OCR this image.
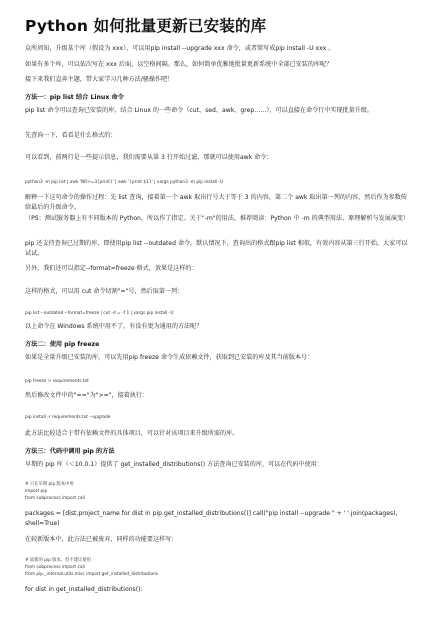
Python 如何批量更新已安装的库

众所周知，升级某个库（假设为 xxx），可以用pip install --upgrade xxx 命令，或者简写成pip install -U xxx 。

如果有多个库，可以依次写在 xxx 后面，以空格间隔。那么，如何简单优雅地批量更新系统中全部已安装的库呢？

接下来我们直奔主题，带大家学习几种方法/骚操作吧！

方法一：pip list 结合 Linux 命令

pip list 命令可以查询已安装的库，结合 Linux 的一些命令（cut、sed、awk、grep……），可以直接在命令行中实现批量升级。

先查询一下，看看是什么格式的：

可以看到，前两行是一些提示信息，我们需要从第 3 行开始过滤，那就可以使用awk 命令：

python3 -m pip list | awk 'NR>=3{print}' | awk '{print $1}' | xargs python3 -m pip install -U

解释一下这句命令的操作过程：先 list 查询，接着第一个 awk 取出行号大于等于 3 的内容，第二个 awk 取出第一列的内容，然后作为参数传给最后的升级命令。

（PS：测试服务器上有不同版本的 Python，所以作了指定。关于"-m"的用法，推荐阅读：Python 中 -m 的典型用法、原理解析与发展演变）

pip 还支持查询已过期的库，即使用pip list --outdated 命令。默认情况下，查询出的格式跟pip list 相似，有效内容从第三行开始，大家可以试试。

另外，我们还可以指定--format=freeze 格式，效果是这样的：

这样的格式，可以用 cut 命令切割"="号，然后取第一列：

pip list --outdated --format=freeze | cut -d = -f 1 | xargs pip install -U

以上命令在 Windows 系统中用不了。有没有更为通用的方法呢？

方法二：使用 pip freeze

如果是全量升级已安装的库，可以先用pip freeze 命令生成依赖文件，获取到已安装的库及其当前版本号：

pip freeze > requirements.txt

然后修改文件中的"=="为">="，接着执行：

pip install -r requirements.txt --upgrade

此方法比较适合于带有依赖文件的具体项目，可以针对该项目来升级所需的库。

方法三：代码中调用 pip 的方法

早期的 pip 库（＜10.0.1）提供了 get_installed_distributions() 方法查询已安装的库，可以在代码中使用：

# 只在早期 pip 版本中用

import pip

from subprocess import call

packages = [dist.project_name for dist in pip.get_installed_distributions()] call("pip install --upgrade " + ' '.join(packages), shell=True)

在较新版本中，此方法已被废弃，同样的功能要这样写：

# 较新的 pip 版本。但不建议使用

from subprocess import call

from pip._internal.utils.misc import get_installed_distributions

for dist in get_installed_distributions():
